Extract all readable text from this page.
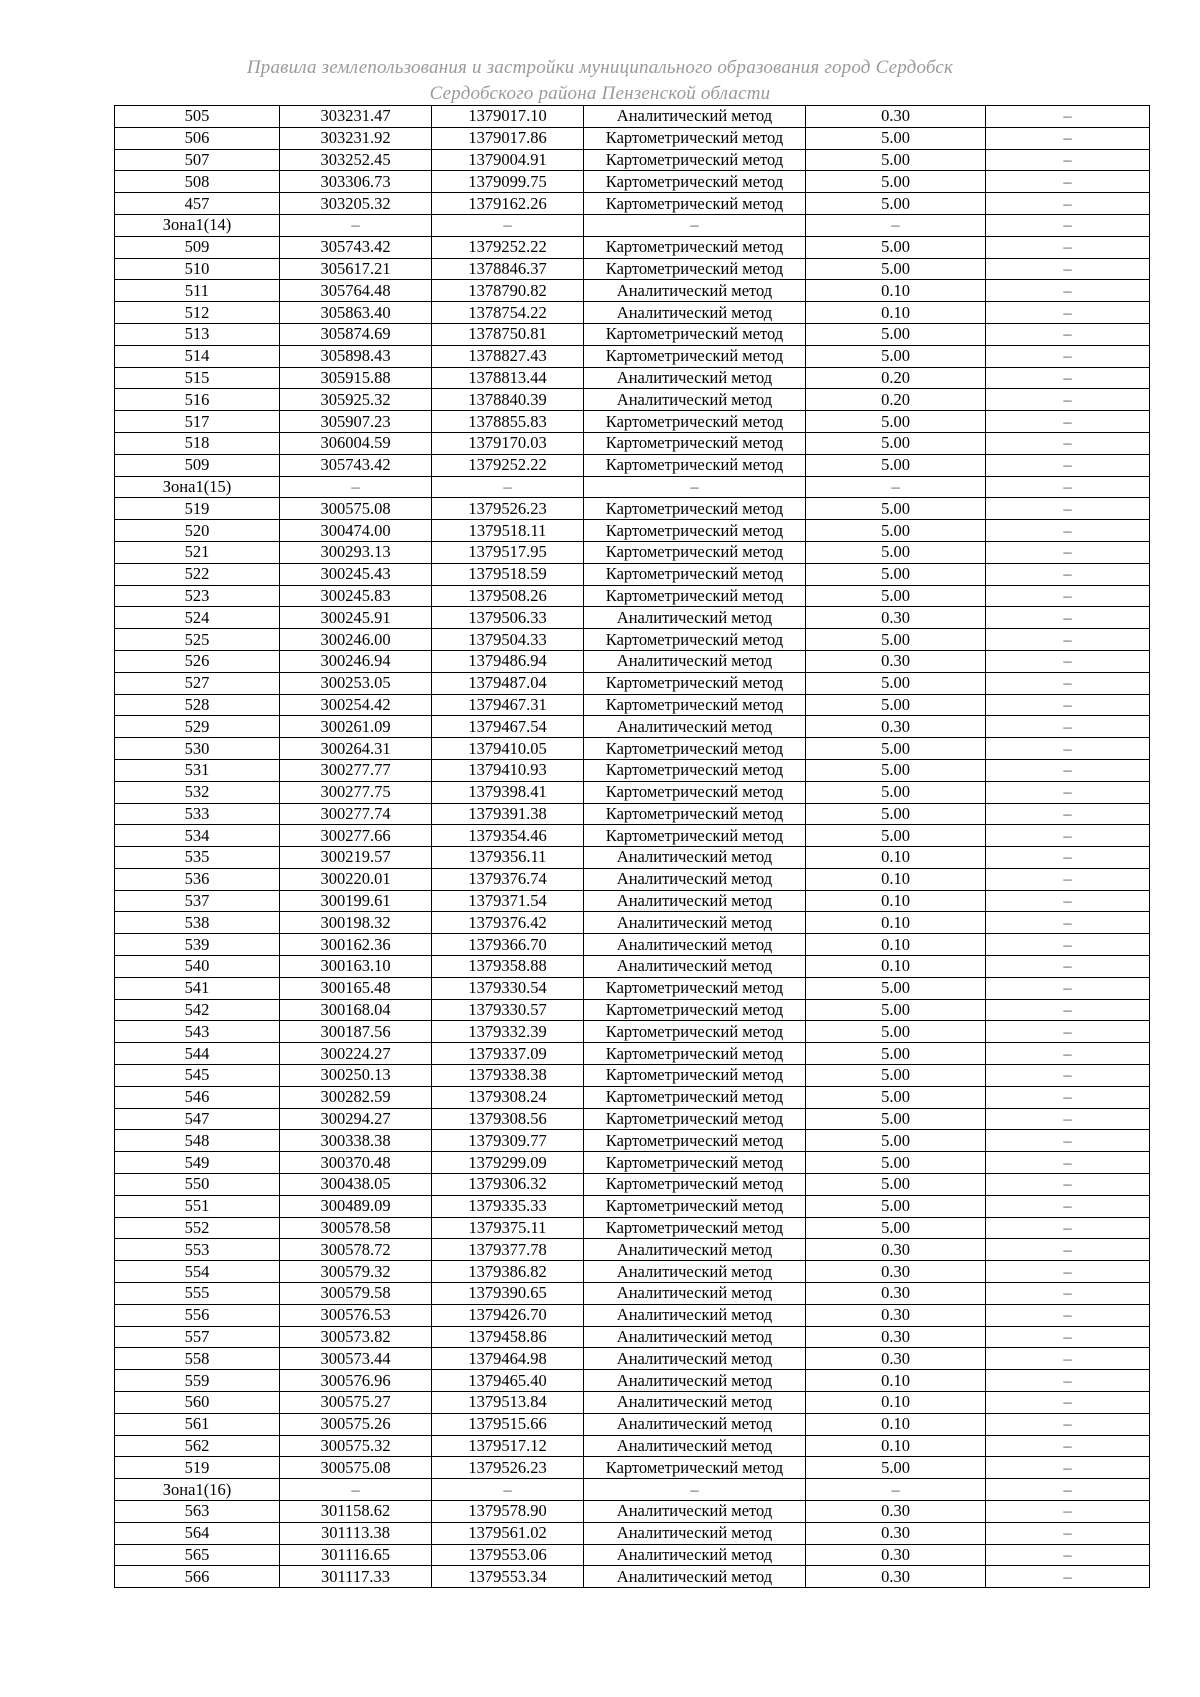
Правила землепользования и застройки муниципального образования город Сердобск
Сердобского района Пензенской области
505	303231.47	1379017.10	Аналитический метод	0.30	–
506	303231.92	1379017.86	Картометрический метод	5.00	–
507	303252.45	1379004.91	Картометрический метод	5.00	–
508	303306.73	1379099.75	Картометрический метод	5.00	–
457	303205.32	1379162.26	Картометрический метод	5.00	–
Зона1(14)	–	–	–	–	–
509	305743.42	1379252.22	Картометрический метод	5.00	–
510	305617.21	1378846.37	Картометрический метод	5.00	–
511	305764.48	1378790.82	Аналитический метод	0.10	–
512	305863.40	1378754.22	Аналитический метод	0.10	–
513	305874.69	1378750.81	Картометрический метод	5.00	–
514	305898.43	1378827.43	Картометрический метод	5.00	–
515	305915.88	1378813.44	Аналитический метод	0.20	–
516	305925.32	1378840.39	Аналитический метод	0.20	–
517	305907.23	1378855.83	Картометрический метод	5.00	–
518	306004.59	1379170.03	Картометрический метод	5.00	–
509	305743.42	1379252.22	Картометрический метод	5.00	–
Зона1(15)	–	–	–	–	–
519	300575.08	1379526.23	Картометрический метод	5.00	–
520	300474.00	1379518.11	Картометрический метод	5.00	–
521	300293.13	1379517.95	Картометрический метод	5.00	–
522	300245.43	1379518.59	Картометрический метод	5.00	–
523	300245.83	1379508.26	Картометрический метод	5.00	–
524	300245.91	1379506.33	Аналитический метод	0.30	–
525	300246.00	1379504.33	Картометрический метод	5.00	–
526	300246.94	1379486.94	Аналитический метод	0.30	–
527	300253.05	1379487.04	Картометрический метод	5.00	–
528	300254.42	1379467.31	Картометрический метод	5.00	–
529	300261.09	1379467.54	Аналитический метод	0.30	–
530	300264.31	1379410.05	Картометрический метод	5.00	–
531	300277.77	1379410.93	Картометрический метод	5.00	–
532	300277.75	1379398.41	Картометрический метод	5.00	–
533	300277.74	1379391.38	Картометрический метод	5.00	–
534	300277.66	1379354.46	Картометрический метод	5.00	–
535	300219.57	1379356.11	Аналитический метод	0.10	–
536	300220.01	1379376.74	Аналитический метод	0.10	–
537	300199.61	1379371.54	Аналитический метод	0.10	–
538	300198.32	1379376.42	Аналитический метод	0.10	–
539	300162.36	1379366.70	Аналитический метод	0.10	–
540	300163.10	1379358.88	Аналитический метод	0.10	–
541	300165.48	1379330.54	Картометрический метод	5.00	–
542	300168.04	1379330.57	Картометрический метод	5.00	–
543	300187.56	1379332.39	Картометрический метод	5.00	–
544	300224.27	1379337.09	Картометрический метод	5.00	–
545	300250.13	1379338.38	Картометрический метод	5.00	–
546	300282.59	1379308.24	Картометрический метод	5.00	–
547	300294.27	1379308.56	Картометрический метод	5.00	–
548	300338.38	1379309.77	Картометрический метод	5.00	–
549	300370.48	1379299.09	Картометрический метод	5.00	–
550	300438.05	1379306.32	Картометрический метод	5.00	–
551	300489.09	1379335.33	Картометрический метод	5.00	–
552	300578.58	1379375.11	Картометрический метод	5.00	–
553	300578.72	1379377.78	Аналитический метод	0.30	–
554	300579.32	1379386.82	Аналитический метод	0.30	–
555	300579.58	1379390.65	Аналитический метод	0.30	–
556	300576.53	1379426.70	Аналитический метод	0.30	–
557	300573.82	1379458.86	Аналитический метод	0.30	–
558	300573.44	1379464.98	Аналитический метод	0.30	–
559	300576.96	1379465.40	Аналитический метод	0.10	–
560	300575.27	1379513.84	Аналитический метод	0.10	–
561	300575.26	1379515.66	Аналитический метод	0.10	–
562	300575.32	1379517.12	Аналитический метод	0.10	–
519	300575.08	1379526.23	Картометрический метод	5.00	–
Зона1(16)	–	–	–	–	–
563	301158.62	1379578.90	Аналитический метод	0.30	–
564	301113.38	1379561.02	Аналитический метод	0.30	–
565	301116.65	1379553.06	Аналитический метод	0.30	–
566	301117.33	1379553.34	Аналитический метод	0.30	–
